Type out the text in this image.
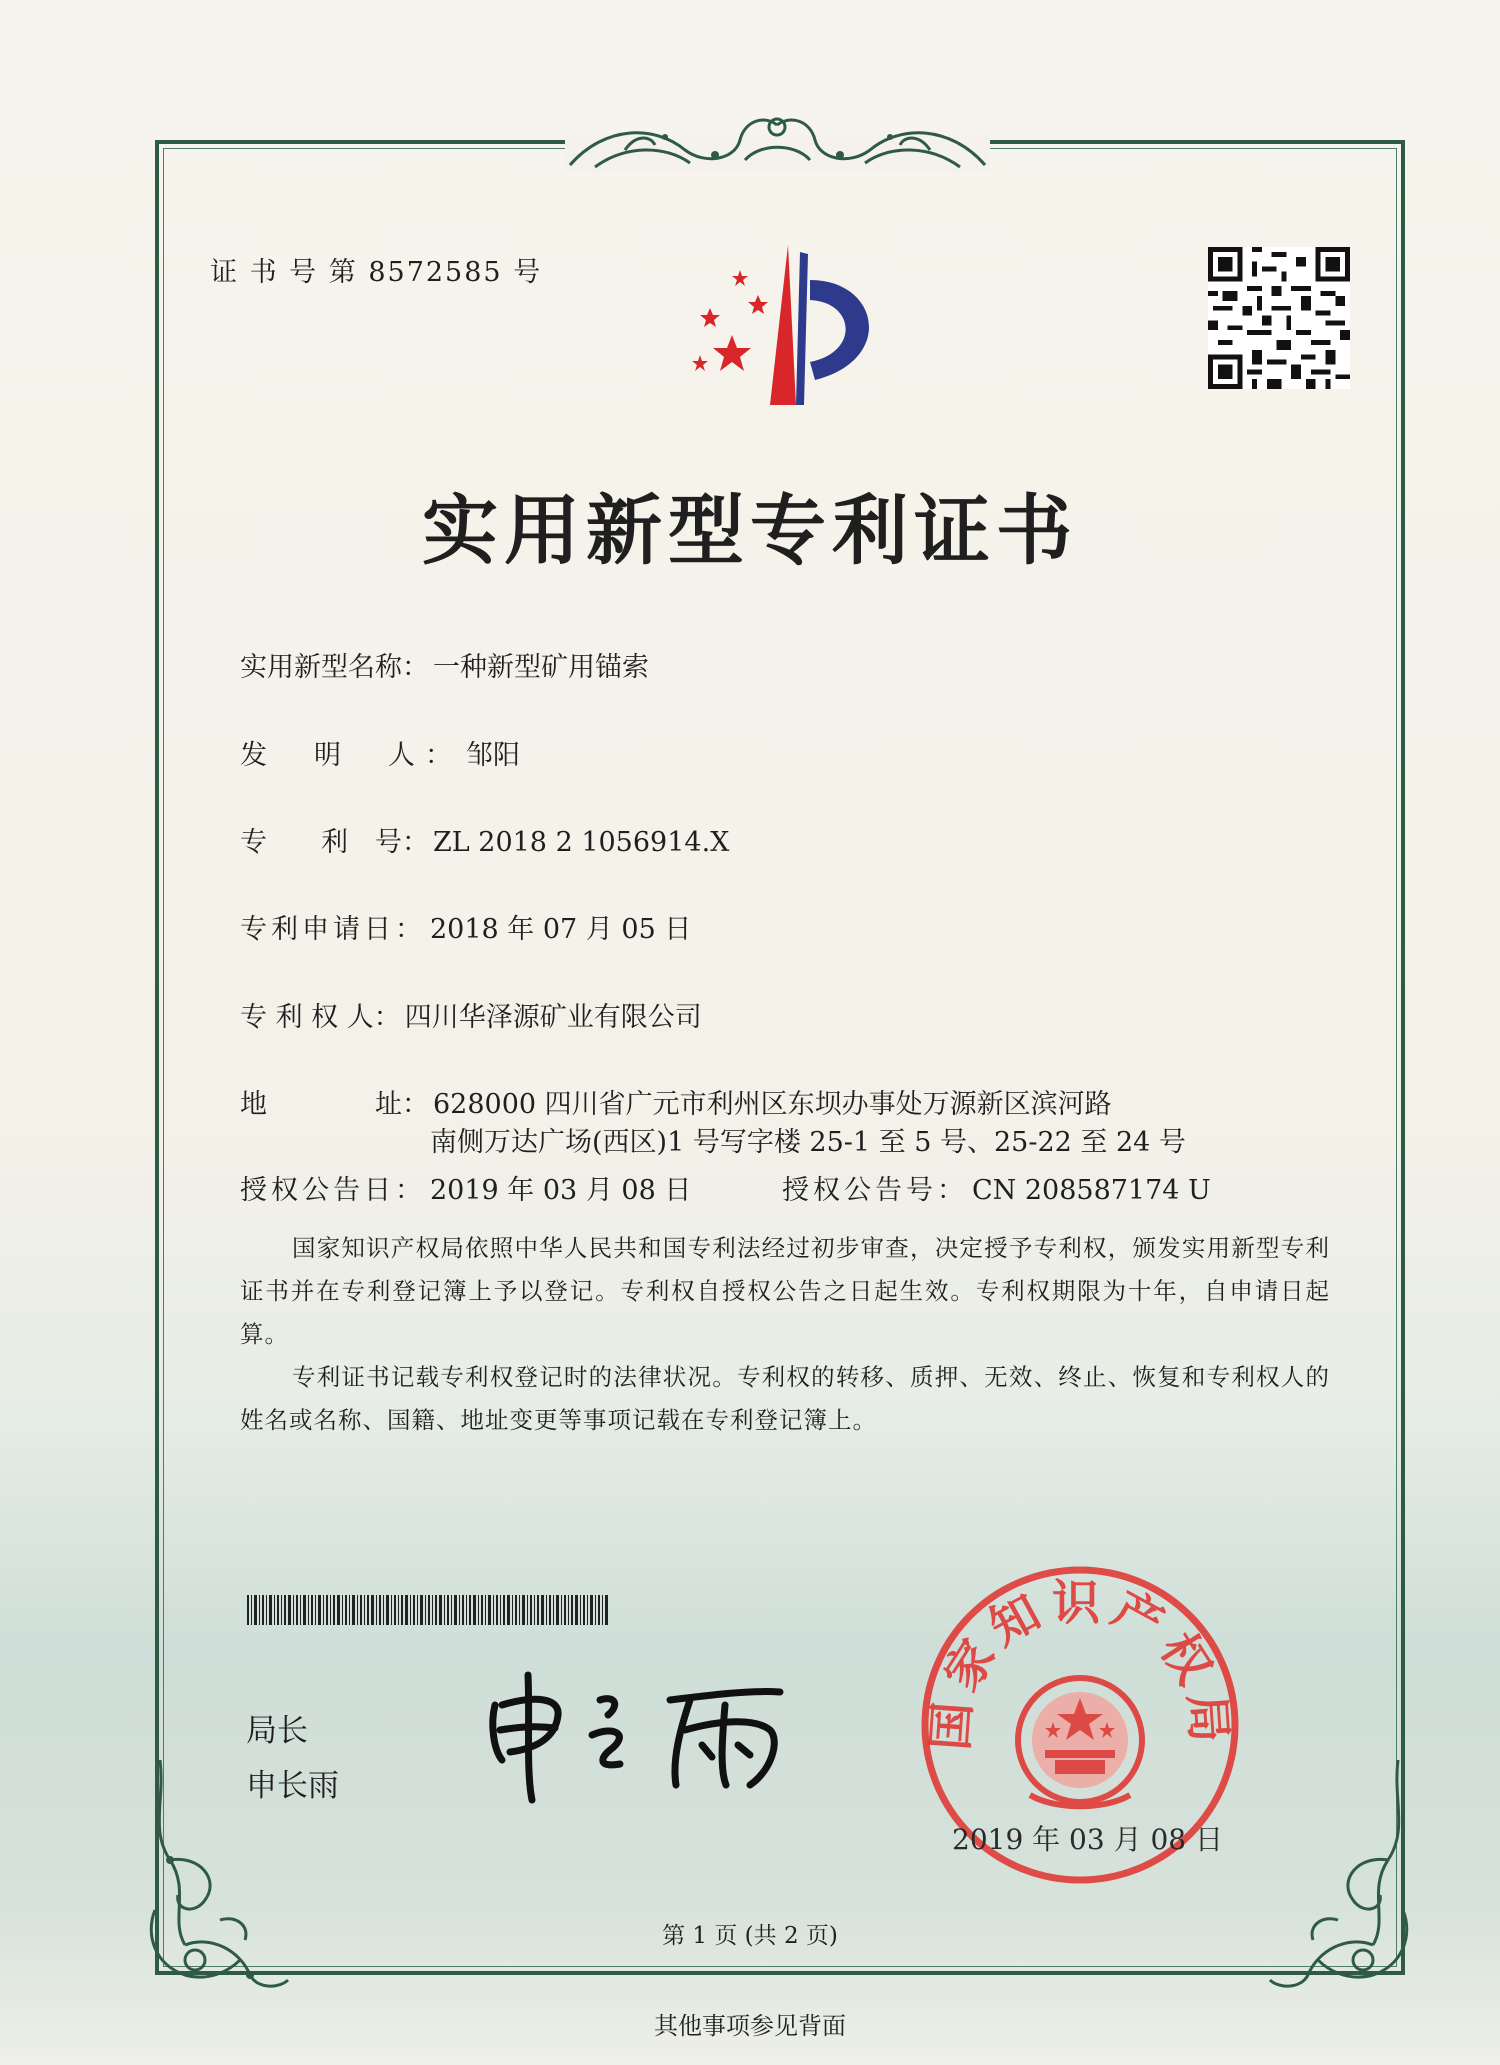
证 书 号 第 8572585 号
实用新型专利证书
实用新型名称： 一种新型矿用锚索
发　明　人： 邹阳
专　　利　号： ZL 2018 2 1056914.X
专利申请日： 2018 年 07 月 05 日
专 利 权 人： 四川华泽源矿业有限公司
地　　　　址： 628000 四川省广元市利州区东坝办事处万源新区滨河路
南侧万达广场(西区)1 号写字楼 25-1 至 5 号、25-22 至 24 号
授权公告日： 2019 年 03 月 08 日	授权公告号： CN 208587174 U
国家知识产权局依照中华人民共和国专利法经过初步审查，决定授予专利权，颁发实用新型专利证书并在专利登记簿上予以登记。专利权自授权公告之日起生效。专利权期限为十年，自申请日起算。
专利证书记载专利权登记时的法律状况。专利权的转移、质押、无效、终止、恢复和专利权人的姓名或名称、国籍、地址变更等事项记载在专利登记簿上。
局长
申长雨
国家知识产权局
2019 年 03 月 08 日
第 1 页 (共 2 页)
其他事项参见背面
